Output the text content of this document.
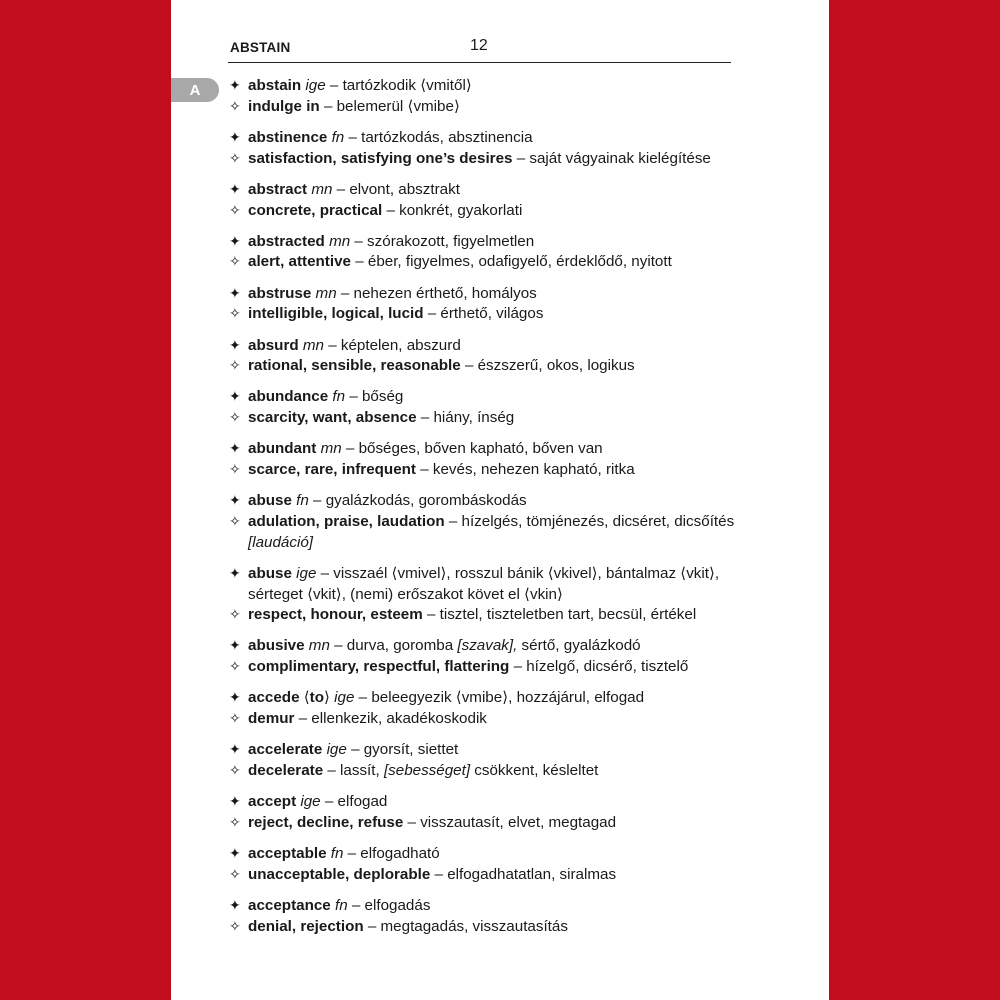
ABSTAIN	12
A	✦ abstain ige – tartózkodik ⟨vmitől⟩
✧ indulge in – belemerül ⟨vmibe⟩
✦ abstinence fn – tartózkodás, absztinencia
✧ satisfaction, satisfying one’s desires – saját vágyainak kielégítése
✦ abstract mn – elvont, absztrakt
✧ concrete, practical – konkrét, gyakorlati
✦ abstracted mn – szórakozott, figyelmetlen
✧ alert, attentive – éber, figyelmes, odafigyelő, érdeklődő, nyitott
✦ abstruse mn – nehezen érthető, homályos
✧ intelligible, logical, lucid – érthető, világos
✦ absurd mn – képtelen, abszurd
✧ rational, sensible, reasonable – észszerű, okos, logikus
✦ abundance fn – bőség
✧ scarcity, want, absence – hiány, ínség
✦ abundant mn – bőséges, bőven kapható, bőven van
✧ scarce, rare, infrequent – kevés, nehezen kapható, ritka
✦ abuse fn – gyalázkodás, gorombáskodás
✧ adulation, praise, laudation – hízelgés, tömjénezés, dicséret, dicsőítés
[laudáció]
✦ abuse ige – visszaél ⟨vmivel⟩, rosszul bánik ⟨vkivel⟩, bántalmaz ⟨vkit⟩, sérteget ⟨vkit⟩, (nemi) erőszakot követ el ⟨vkin⟩
✧ respect, honour, esteem – tisztel, tiszteletben tart, becsül, értékel
✦ abusive mn – durva, goromba [szavak], sértő, gyalázkodó
✧ complimentary, respectful, flattering – hízelgő, dicsérő, tisztelő
✦ accede ⟨to⟩ ige – beleegyezik ⟨vmibe⟩, hozzájárul, elfogad
✧ demur – ellenkezik, akadékoskodik
✦ accelerate ige – gyorsít, siettet
✧ decelerate – lassít, [sebességet] csökkent, késleltet
✦ accept ige – elfogad
✧ reject, decline, refuse – visszautasít, elvet, megtagad
✦ acceptable fn – elfogadható
✧ unacceptable, deplorable – elfogadhatatlan, siralmas
✦ acceptance fn – elfogadás
✧ denial, rejection – megtagadás, visszautasítás
